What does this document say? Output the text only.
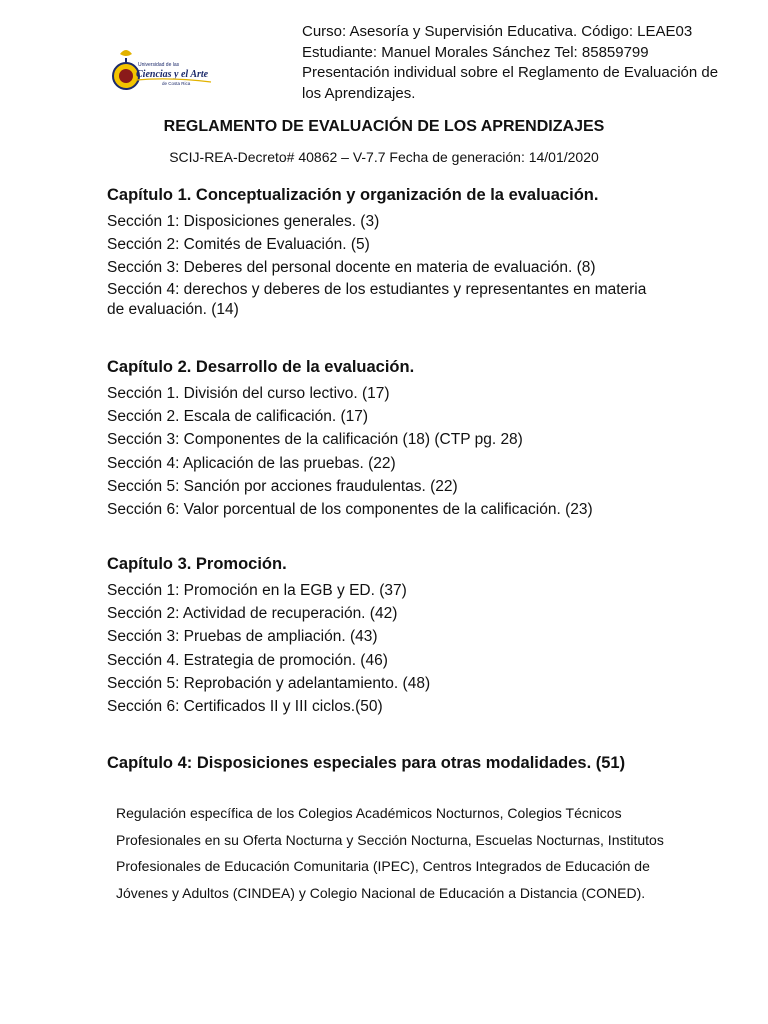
Universidad de las
Ciencias y el Arte
de Costa Rica
Curso: Asesoría y Supervisión Educativa. Código: LEAE03
Estudiante: Manuel Morales Sánchez Tel: 85859799
Presentación individual sobre el Reglamento de Evaluación de
los Aprendizajes.
REGLAMENTO DE EVALUACIÓN DE LOS APRENDIZAJES
SCIJ-REA-Decreto# 40862 – V-7.7 Fecha de generación: 14/01/2020
Capítulo 1. Conceptualización y organización de la evaluación.
Sección 1: Disposiciones generales. (3)
Sección 2: Comités de Evaluación. (5)
Sección 3: Deberes del personal docente en materia de evaluación. (8)
Sección 4: derechos y deberes de los estudiantes y representantes en materia de evaluación. (14)
Capítulo 2. Desarrollo de la evaluación.
Sección 1. División del curso lectivo. (17)
Sección 2. Escala de calificación. (17)
Sección 3: Componentes de la calificación (18) (CTP pg. 28)
Sección 4: Aplicación de las pruebas. (22)
Sección 5: Sanción por acciones fraudulentas. (22)
Sección 6: Valor porcentual de los componentes de la calificación. (23)
Capítulo 3. Promoción.
Sección 1: Promoción en la EGB y ED. (37)
Sección 2: Actividad de recuperación. (42)
Sección 3: Pruebas de ampliación. (43)
Sección 4. Estrategia de promoción. (46)
Sección 5: Reprobación y adelantamiento. (48)
Sección 6: Certificados II y III ciclos.(50)
Capítulo 4: Disposiciones especiales para otras modalidades. (51)
Regulación específica de los Colegios Académicos Nocturnos, Colegios Técnicos Profesionales en su Oferta Nocturna y Sección Nocturna, Escuelas Nocturnas, Institutos Profesionales de Educación Comunitaria (IPEC), Centros Integrados de Educación de Jóvenes y Adultos (CINDEA) y Colegio Nacional de Educación a Distancia (CONED).
